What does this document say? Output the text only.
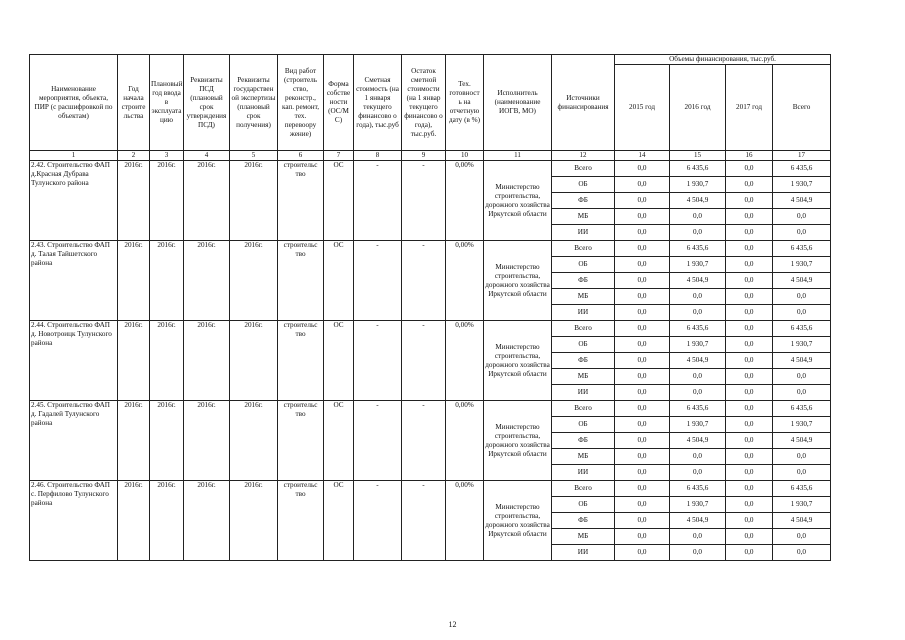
Наименование мероприятия, объекта, ПИР (с расшифровкой по объектам)	Год начала строите льства	Плановый год ввода в эксплуата цию	Реквизиты ПСД (плановый срок утверждения ПСД)	Реквизиты государствен ой экспертизы (плановый срок получения)	Вид работ (строитель ство, реконстр., кап. ремонт, тех. перевоору жение)	Форма собстве ности (ОС/М С)	Сметная стоимость (на 1 января текущего финансово о года), тыс.руб	Остаток сметной стоимости (на 1 январ текущего финансово о года), тыс.руб.	Тех. готовност ь на отчетную дату (в %)	Исполнитель (наименование ИОГВ, МО)	Источники финансирования	Объемы финансирования, тыс.руб.			
												2015 год	2016 год	2017 год	Всего
1	2	3	4	5	6	7	8	9	10	11	12	14	15	16	17
2.42. Строительство ФАП д.Красная Дубрава Тулунского района	2016г.	2016г.	2016г.	2016г.	строительс тво	ОС	-	-	0,00%	Министерство строительства, дорожного хозяйства Иркутской области	Всего	0,0	6 435,6	0,0	6 435,6
											ОБ	0,0	1 930,7	0,0	1 930,7
											ФБ	0,0	4 504,9	0,0	4 504,9
											МБ	0,0	0,0	0,0	0,0
											ИИ	0,0	0,0	0,0	0,0
2.43. Строительство ФАП д. Талая Тайшетского района	2016г.	2016г.	2016г.	2016г.	строительс тво	ОС	-	-	0,00%	Министерство строительства, дорожного хозяйства Иркутской области	Всего	0,0	6 435,6	0,0	6 435,6
											ОБ	0,0	1 930,7	0,0	1 930,7
											ФБ	0,0	4 504,9	0,0	4 504,9
											МБ	0,0	0,0	0,0	0,0
											ИИ	0,0	0,0	0,0	0,0
2.44. Строительство ФАП д. Новотроицк Тулунского района	2016г.	2016г.	2016г.	2016г.	строительс тво	ОС	-	-	0,00%	Министерство строительства, дорожного хозяйства Иркутской области	Всего	0,0	6 435,6	0,0	6 435,6
											ОБ	0,0	1 930,7	0,0	1 930,7
											ФБ	0,0	4 504,9	0,0	4 504,9
											МБ	0,0	0,0	0,0	0,0
											ИИ	0,0	0,0	0,0	0,0
2.45. Строительство ФАП д. Гадалей Тулунского района	2016г.	2016г.	2016г.	2016г.	строительс тво	ОС	-	-	0,00%	Министерство строительства, дорожного хозяйства Иркутской области	Всего	0,0	6 435,6	0,0	6 435,6
											ОБ	0,0	1 930,7	0,0	1 930,7
											ФБ	0,0	4 504,9	0,0	4 504,9
											МБ	0,0	0,0	0,0	0,0
											ИИ	0,0	0,0	0,0	0,0
2.46. Строительство ФАП с. Перфилово Тулунского района	2016г.	2016г.	2016г.	2016г.	строительс тво	ОС	-	-	0,00%	Министерство строительства, дорожного хозяйства Иркутской области	Всего	0,0	6 435,6	0,0	6 435,6
											ОБ	0,0	1 930,7	0,0	1 930,7
											ФБ	0,0	4 504,9	0,0	4 504,9
											МБ	0,0	0,0	0,0	0,0
											ИИ	0,0	0,0	0,0	0,0
12
